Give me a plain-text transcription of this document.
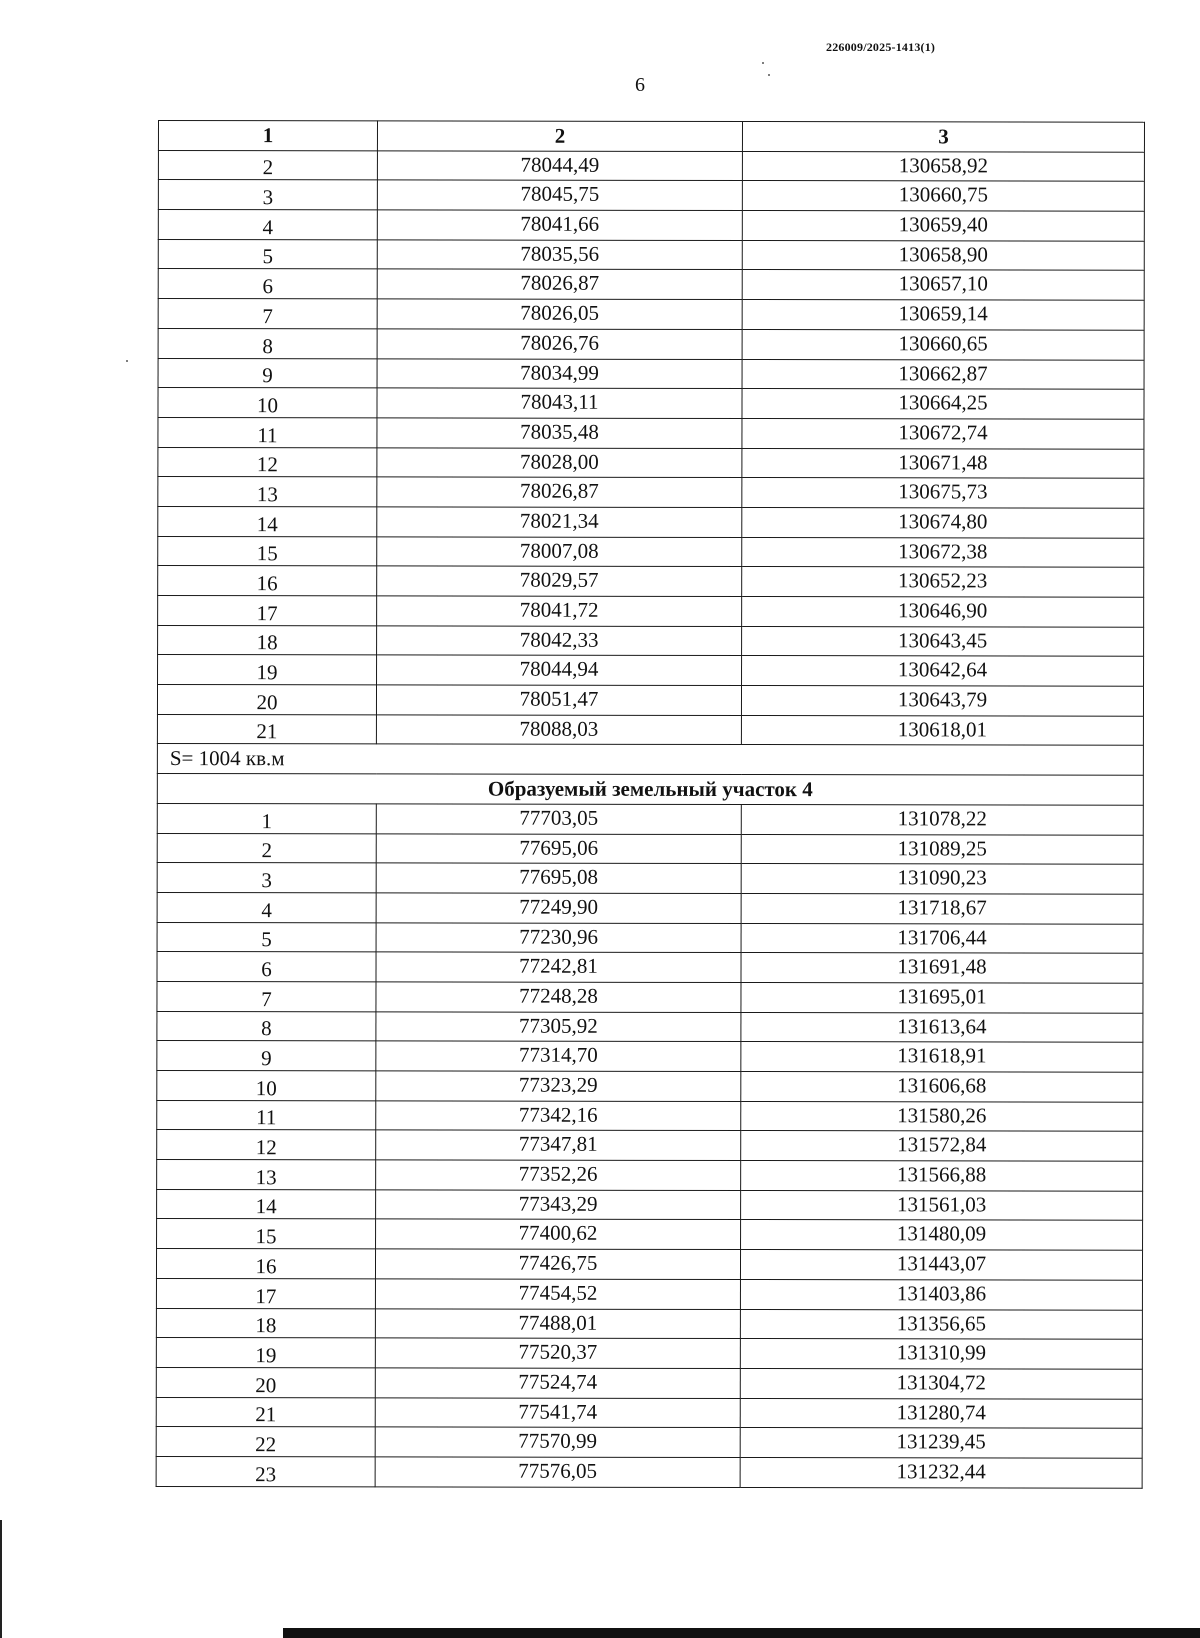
226009/2025-1413(1)
6
1	2	3
2	78044,49	130658,92
3	78045,75	130660,75
4	78041,66	130659,40
5	78035,56	130658,90
6	78026,87	130657,10
7	78026,05	130659,14
8	78026,76	130660,65
9	78034,99	130662,87
10	78043,11	130664,25
11	78035,48	130672,74
12	78028,00	130671,48
13	78026,87	130675,73
14	78021,34	130674,80
15	78007,08	130672,38
16	78029,57	130652,23
17	78041,72	130646,90
18	78042,33	130643,45
19	78044,94	130642,64
20	78051,47	130643,79
21	78088,03	130618,01
S= 1004 кв.м		
Образуемый земельный участок 4		
1	77703,05	131078,22
2	77695,06	131089,25
3	77695,08	131090,23
4	77249,90	131718,67
5	77230,96	131706,44
6	77242,81	131691,48
7	77248,28	131695,01
8	77305,92	131613,64
9	77314,70	131618,91
10	77323,29	131606,68
11	77342,16	131580,26
12	77347,81	131572,84
13	77352,26	131566,88
14	77343,29	131561,03
15	77400,62	131480,09
16	77426,75	131443,07
17	77454,52	131403,86
18	77488,01	131356,65
19	77520,37	131310,99
20	77524,74	131304,72
21	77541,74	131280,74
22	77570,99	131239,45
23	77576,05	131232,44
